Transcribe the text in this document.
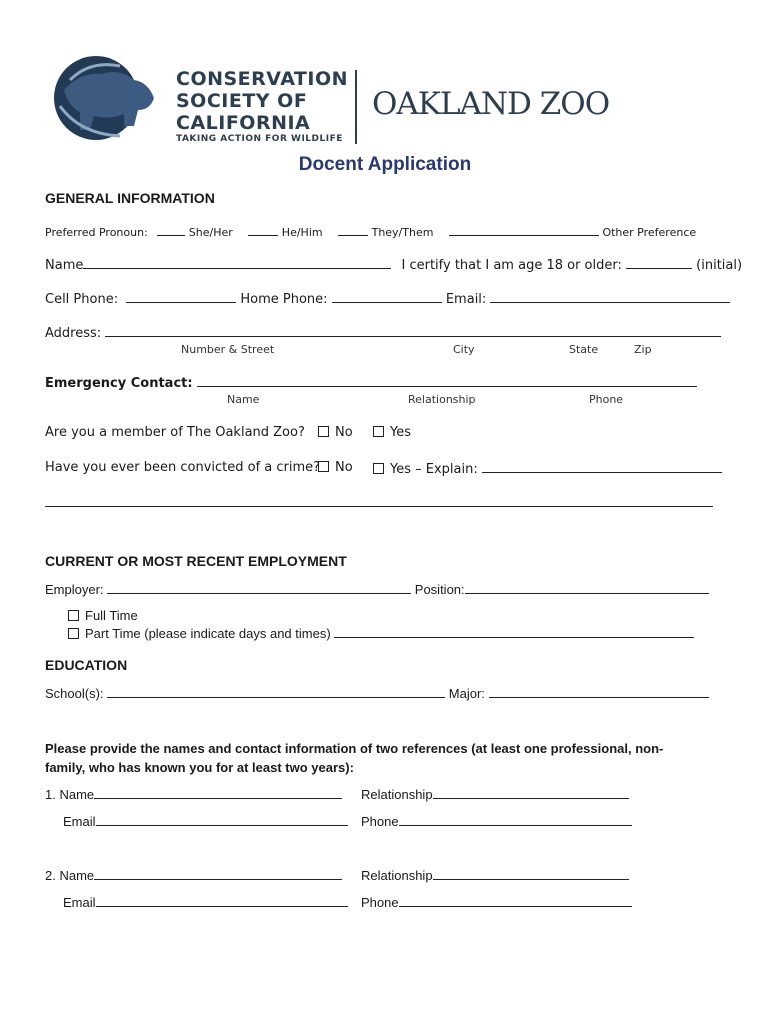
CONSERVATION
SOCIETY OF
CALIFORNIA
TAKING ACTION FOR WILDLIFE
OAKLAND ZOO
Docent Application
GENERAL INFORMATION
Preferred Pronoun:	She/Her	He/Him	They/Them	Other Preference
Name	I certify that I am age 18 or older:	(initial)
Cell Phone:	Home Phone:	Email:
Address:
Number & Street	City	State	Zip
Emergency Contact:
Name	Relationship	Phone
Are you a member of The Oakland Zoo?	No	Yes
Have you ever been convicted of a crime?	No	Yes – Explain:
CURRENT OR MOST RECENT EMPLOYMENT
Employer:	Position:
Full Time
Part Time (please indicate days and times)
EDUCATION
School(s):	Major:
Please provide the names and contact information of two references (at least one professional, non-
family, who has known you for at least two years):
1. Name	Relationship
Email	Phone
2. Name	Relationship
Email	Phone
